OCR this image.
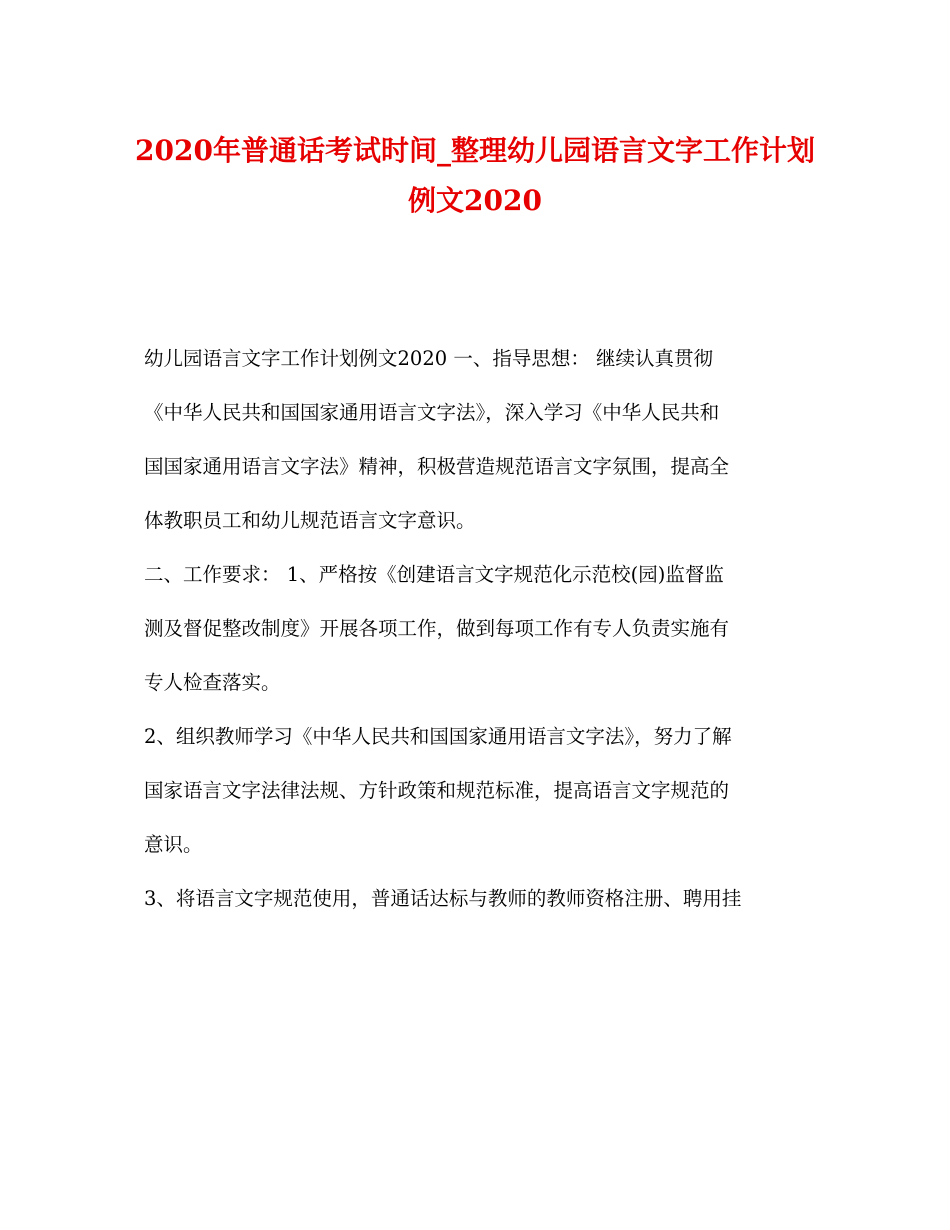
2020年普通话考试时间_整理幼儿园语言文字工作计划
例文2020
幼儿园语言文字工作计划例文2020 一、指导思想： 继续认真贯彻
《中华人民共和国国家通用语言文字法》，深入学习《中华人民共和
国国家通用语言文字法》精神，积极营造规范语言文字氛围，提高全
体教职员工和幼儿规范语言文字意识。
二、工作要求： 1、严格按《创建语言文字规范化示范校(园)监督监
测及督促整改制度》开展各项工作，做到每项工作有专人负责实施有
专人检查落实。
2、组织教师学习《中华人民共和国国家通用语言文字法》，努力了解
国家语言文字法律法规、方针政策和规范标准，提高语言文字规范的
意识。
3、将语言文字规范使用，普通话达标与教师的教师资格注册、聘用挂
